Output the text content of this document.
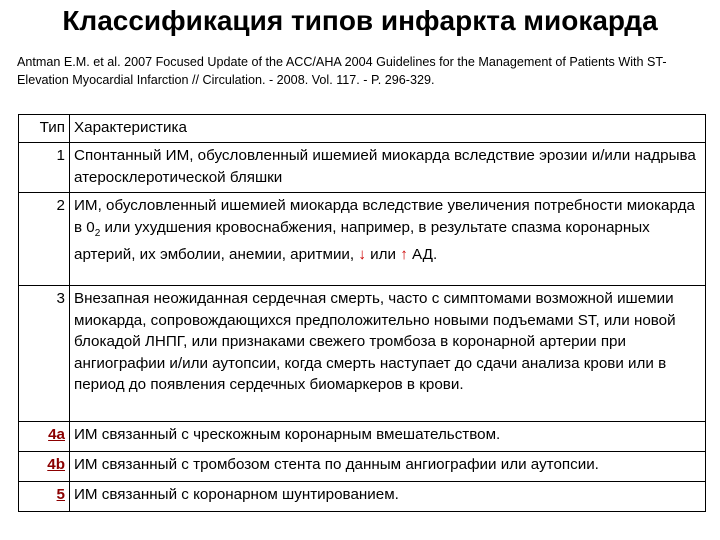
Классификация типов инфаркта миокарда
Antman E.M. et al. 2007 Focused Update of the ACC/AHA 2004 Guidelines for the Management of Patients With ST-Elevation Myocardial Infarction // Circulation. - 2008. Vol. 117. - P. 296-329.
Тип	Характеристика
1	Спонтанный ИМ, обусловленный ишемией миокарда вследствие эрозии и/или надрыва атеросклеротической бляшки
2	ИМ, обусловленный ишемией миокарда вследствие увеличения потребности миокарда в $0_2$ или ухудшения кровоснабжения, например, в результате спазма коронарных артерий, их эмболии, анемии, аритмии, ↓ или ↑ АД.
3	Внезапная неожиданная сердечная смерть, часто с симптомами возможной ишемии миокарда, сопровождающихся предположительно новыми подъемами ST, или новой блокадой ЛНПГ, или признаками свежего тромбоза в коронарной артерии при ангиографии и/или аутопсии, когда смерть наступает до сдачи анализа крови или в период до появления сердечных биомаркеров в крови.
4а	ИМ связанный с чрескожным коронарным вмешательством.
4b	ИМ связанный с тромбозом стента по данным ангиографии или аутопсии.
5	ИМ связанный с коронарном шунтированием.
